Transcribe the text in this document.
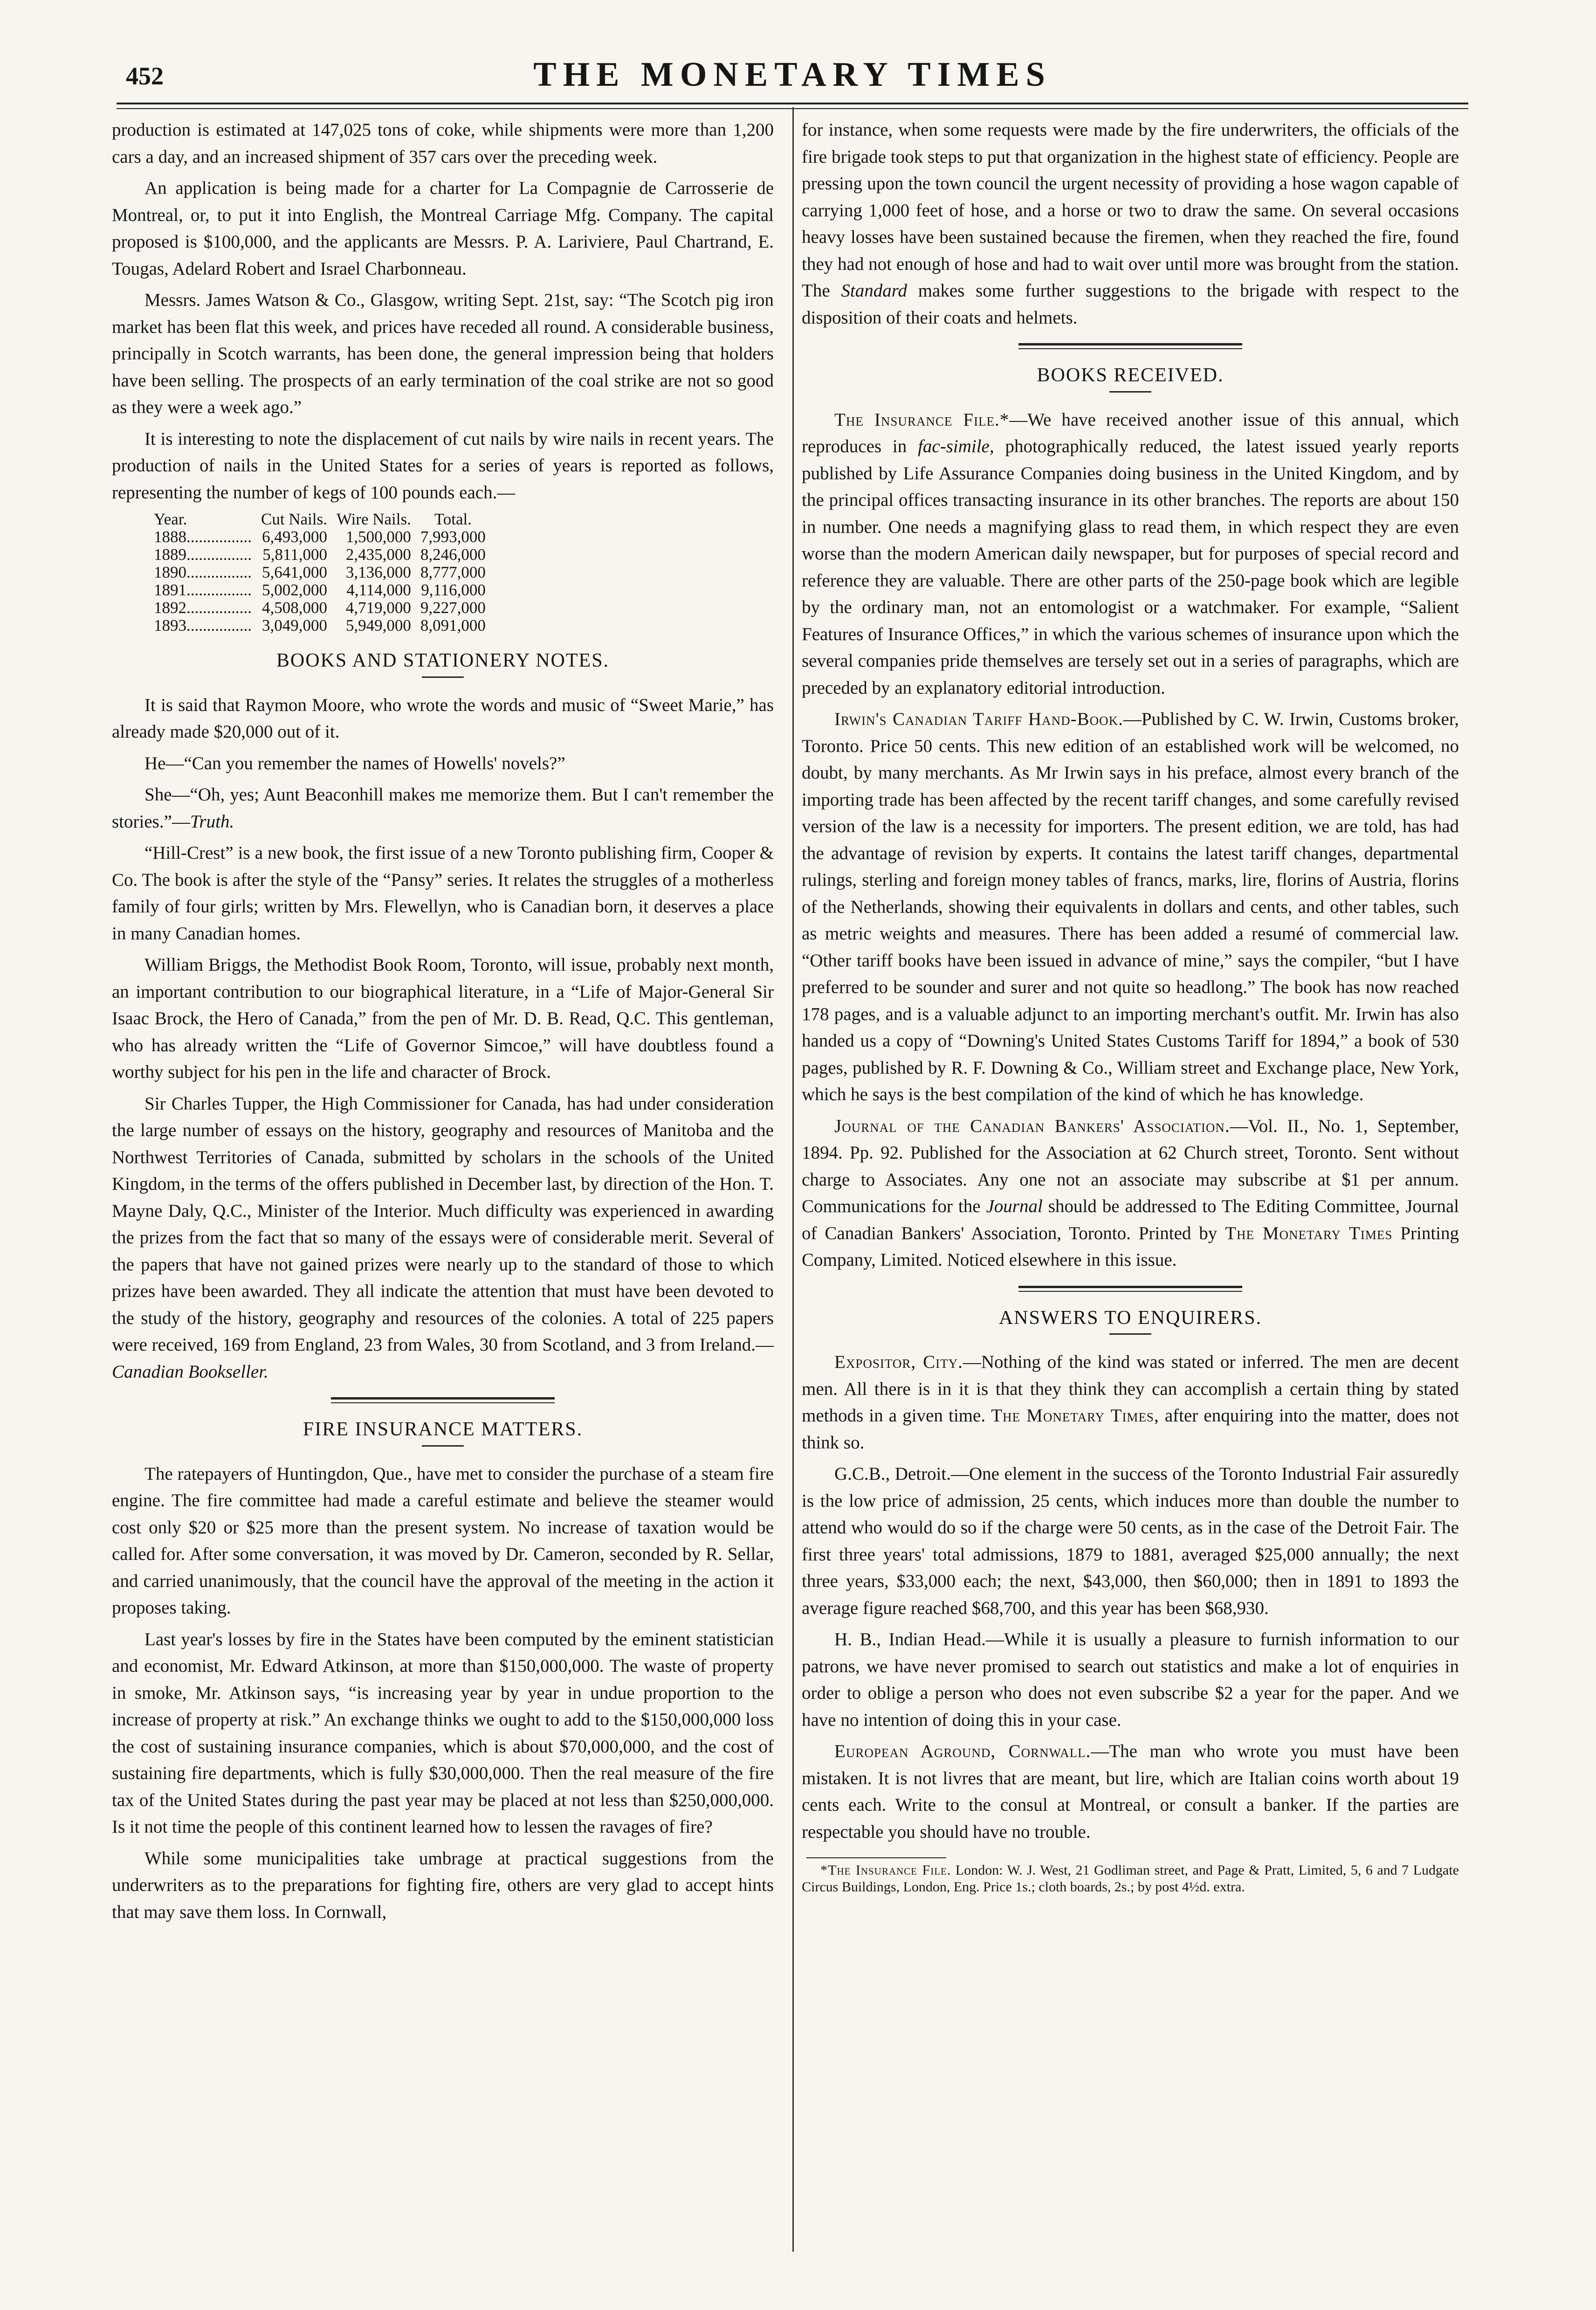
452	THE MONETARY TIMES

production is estimated at 147,025 tons of coke, while shipments were more than 1,200 cars a day, and an increased shipment of 357 cars over the preceding week.

An application is being made for a charter for La Compagnie de Carrosserie de Montreal, or, to put it into English, the Montreal Carriage Mfg. Company. The capital proposed is $100,000, and the applicants are Messrs. P. A. Lariviere, Paul Chartrand, E. Tougas, Adelard Robert and Israel Charbonneau.

Messrs. James Watson & Co., Glasgow, writing Sept. 21st, say: “The Scotch pig iron market has been flat this week, and prices have receded all round. A considerable business, principally in Scotch warrants, has been done, the general impression being that holders have been selling. The prospects of an early termination of the coal strike are not so good as they were a week ago.”

It is interesting to note the displacement of cut nails by wire nails in recent years. The production of nails in the United States for a series of years is reported as follows, representing the number of kegs of 100 pounds each.—

Year.	Cut Nails.	Wire Nails.	Total.
1888................	6,493,000	1,500,000	7,993,000
1889................	5,811,000	2,435,000	8,246,000
1890................	5,641,000	3,136,000	8,777,000
1891................	5,002,000	4,114,000	9,116,000
1892................	4,508,000	4,719,000	9,227,000
1893................	3,049,000	5,949,000	8,091,000
BOOKS AND STATIONERY NOTES.

It is said that Raymon Moore, who wrote the words and music of “Sweet Marie,” has already made $20,000 out of it.

He—“Can you remember the names of Howells' novels?”

She—“Oh, yes; Aunt Beaconhill makes me memorize them. But I can't remember the stories.”—Truth.

“Hill-Crest” is a new book, the first issue of a new Toronto publishing firm, Cooper & Co. The book is after the style of the “Pansy” series. It relates the struggles of a motherless family of four girls; written by Mrs. Flewellyn, who is Canadian born, it deserves a place in many Canadian homes.

William Briggs, the Methodist Book Room, Toronto, will issue, probably next month, an important contribution to our biographical literature, in a “Life of Major-General Sir Isaac Brock, the Hero of Canada,” from the pen of Mr. D. B. Read, Q.C. This gentleman, who has already written the “Life of Governor Simcoe,” will have doubtless found a worthy subject for his pen in the life and character of Brock.

Sir Charles Tupper, the High Commissioner for Canada, has had under consideration the large number of essays on the history, geography and resources of Manitoba and the Northwest Territories of Canada, submitted by scholars in the schools of the United Kingdom, in the terms of the offers published in December last, by direction of the Hon. T. Mayne Daly, Q.C., Minister of the Interior. Much difficulty was experienced in awarding the prizes from the fact that so many of the essays were of considerable merit. Several of the papers that have not gained prizes were nearly up to the standard of those to which prizes have been awarded. They all indicate the attention that must have been devoted to the study of the history, geography and resources of the colonies. A total of 225 papers were received, 169 from England, 23 from Wales, 30 from Scotland, and 3 from Ireland.—Canadian Bookseller.

FIRE INSURANCE MATTERS.

The ratepayers of Huntingdon, Que., have met to consider the purchase of a steam fire engine. The fire committee had made a careful estimate and believe the steamer would cost only $20 or $25 more than the present system. No increase of taxation would be called for. After some conversation, it was moved by Dr. Cameron, seconded by R. Sellar, and carried unanimously, that the council have the approval of the meeting in the action it proposes taking.

Last year's losses by fire in the States have been computed by the eminent statistician and economist, Mr. Edward Atkinson, at more than $150,000,000. The waste of property in smoke, Mr. Atkinson says, “is increasing year by year in undue proportion to the increase of property at risk.” An exchange thinks we ought to add to the $150,000,000 loss the cost of sustaining insurance companies, which is about $70,000,000, and the cost of sustaining fire departments, which is fully $30,000,000. Then the real measure of the fire tax of the United States during the past year may be placed at not less than $250,000,000. Is it not time the people of this continent learned how to lessen the ravages of fire?

While some municipalities take umbrage at practical suggestions from the underwriters as to the preparations for fighting fire, others are very glad to accept hints that may save them loss. In Cornwall,

for instance, when some requests were made by the fire underwriters, the officials of the fire brigade took steps to put that organization in the highest state of efficiency. People are pressing upon the town council the urgent necessity of providing a hose wagon capable of carrying 1,000 feet of hose, and a horse or two to draw the same. On several occasions heavy losses have been sustained because the firemen, when they reached the fire, found they had not enough of hose and had to wait over until more was brought from the station. The Standard makes some further suggestions to the brigade with respect to the disposition of their coats and helmets.

BOOKS RECEIVED.

The Insurance File.*—We have received another issue of this annual, which reproduces in fac-simile, photographically reduced, the latest issued yearly reports published by Life Assurance Companies doing business in the United Kingdom, and by the principal offices transacting insurance in its other branches. The reports are about 150 in number. One needs a magnifying glass to read them, in which respect they are even worse than the modern American daily newspaper, but for purposes of special record and reference they are valuable. There are other parts of the 250-page book which are legible by the ordinary man, not an entomologist or a watchmaker. For example, “Salient Features of Insurance Offices,” in which the various schemes of insurance upon which the several companies pride themselves are tersely set out in a series of paragraphs, which are preceded by an explanatory editorial introduction.

Irwin's Canadian Tariff Hand-Book.—Published by C. W. Irwin, Customs broker, Toronto. Price 50 cents. This new edition of an established work will be welcomed, no doubt, by many merchants. As Mr Irwin says in his preface, almost every branch of the importing trade has been affected by the recent tariff changes, and some carefully revised version of the law is a necessity for importers. The present edition, we are told, has had the advantage of revision by experts. It contains the latest tariff changes, departmental rulings, sterling and foreign money tables of francs, marks, lire, florins of Austria, florins of the Netherlands, showing their equivalents in dollars and cents, and other tables, such as metric weights and measures. There has been added a resumé of commercial law. “Other tariff books have been issued in advance of mine,” says the compiler, “but I have preferred to be sounder and surer and not quite so headlong.” The book has now reached 178 pages, and is a valuable adjunct to an importing merchant's outfit. Mr. Irwin has also handed us a copy of “Downing's United States Customs Tariff for 1894,” a book of 530 pages, published by R. F. Downing & Co., William street and Exchange place, New York, which he says is the best compilation of the kind of which he has knowledge.

Journal of the Canadian Bankers' Association.—Vol. II., No. 1, September, 1894. Pp. 92. Published for the Association at 62 Church street, Toronto. Sent without charge to Associates. Any one not an associate may subscribe at $1 per annum. Communications for the Journal should be addressed to The Editing Committee, Journal of Canadian Bankers' Association, Toronto. Printed by The Monetary Times Printing Company, Limited. Noticed elsewhere in this issue.

ANSWERS TO ENQUIRERS.

Expositor, City.—Nothing of the kind was stated or inferred. The men are decent men. All there is in it is that they think they can accomplish a certain thing by stated methods in a given time. The Monetary Times, after enquiring into the matter, does not think so.

G.C.B., Detroit.—One element in the success of the Toronto Industrial Fair assuredly is the low price of admission, 25 cents, which induces more than double the number to attend who would do so if the charge were 50 cents, as in the case of the Detroit Fair. The first three years' total admissions, 1879 to 1881, averaged $25,000 annually; the next three years, $33,000 each; the next, $43,000, then $60,000; then in 1891 to 1893 the average figure reached $68,700, and this year has been $68,930.

H. B., Indian Head.—While it is usually a pleasure to furnish information to our patrons, we have never promised to search out statistics and make a lot of enquiries in order to oblige a person who does not even subscribe $2 a year for the paper. And we have no intention of doing this in your case.

European Aground, Cornwall.—The man who wrote you must have been mistaken. It is not livres that are meant, but lire, which are Italian coins worth about 19 cents each. Write to the consul at Montreal, or consult a banker. If the parties are respectable you should have no trouble.

*The Insurance File. London: W. J. West, 21 Godliman street, and Page & Pratt, Limited, 5, 6 and 7 Ludgate Circus Buildings, London, Eng. Price 1s.; cloth boards, 2s.; by post 4½d. extra.
